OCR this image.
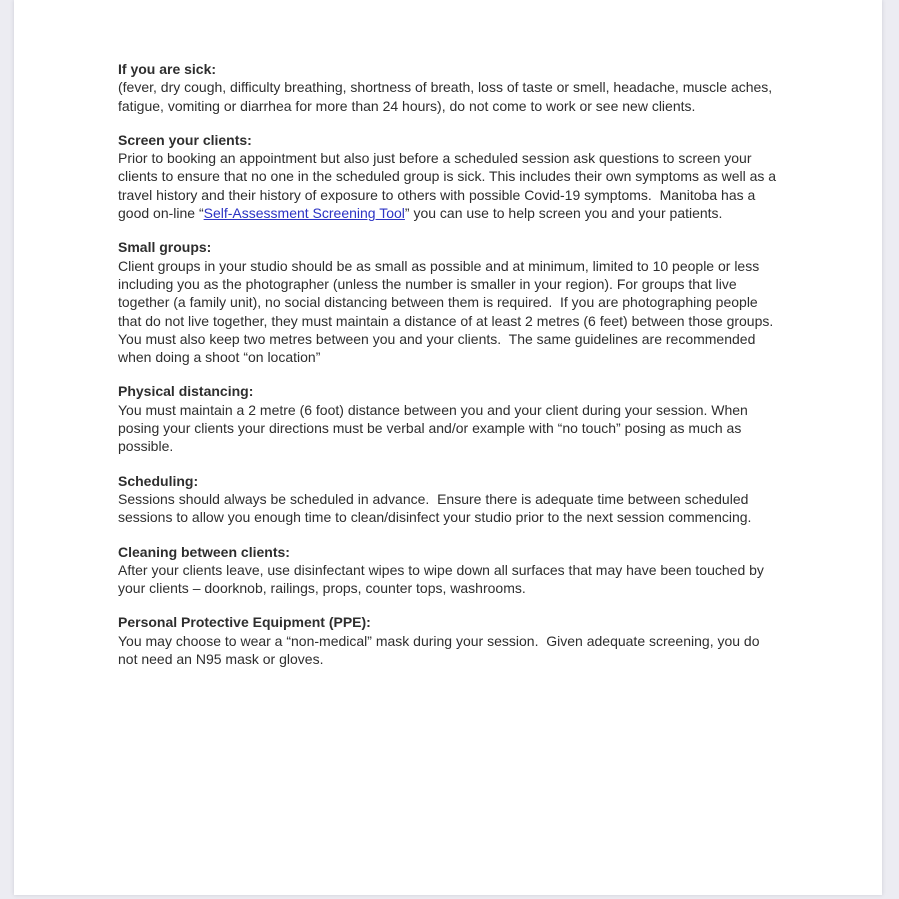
If you are sick:
(fever, dry cough, difficulty breathing, shortness of breath, loss of taste or smell, headache, muscle aches, fatigue, vomiting or diarrhea for more than 24 hours), do not come to work or see new clients.
Screen your clients:
Prior to booking an appointment but also just before a scheduled session ask questions to screen your clients to ensure that no one in the scheduled group is sick. This includes their own symptoms as well as a travel history and their history of exposure to others with possible Covid-19 symptoms.  Manitoba has a good on-line “Self-Assessment Screening Tool” you can use to help screen you and your patients.
Small groups:
Client groups in your studio should be as small as possible and at minimum, limited to 10 people or less including you as the photographer (unless the number is smaller in your region). For groups that live together (a family unit), no social distancing between them is required.  If you are photographing people that do not live together, they must maintain a distance of at least 2 metres (6 feet) between those groups.  You must also keep two metres between you and your clients.  The same guidelines are recommended when doing a shoot “on location”
Physical distancing:
You must maintain a 2 metre (6 foot) distance between you and your client during your session. When posing your clients your directions must be verbal and/or example with “no touch” posing as much as possible.
Scheduling:
Sessions should always be scheduled in advance.  Ensure there is adequate time between scheduled sessions to allow you enough time to clean/disinfect your studio prior to the next session commencing.
Cleaning between clients:
After your clients leave, use disinfectant wipes to wipe down all surfaces that may have been touched by your clients – doorknob, railings, props, counter tops, washrooms.
Personal Protective Equipment (PPE):
You may choose to wear a “non-medical” mask during your session.  Given adequate screening, you do not need an N95 mask or gloves.
